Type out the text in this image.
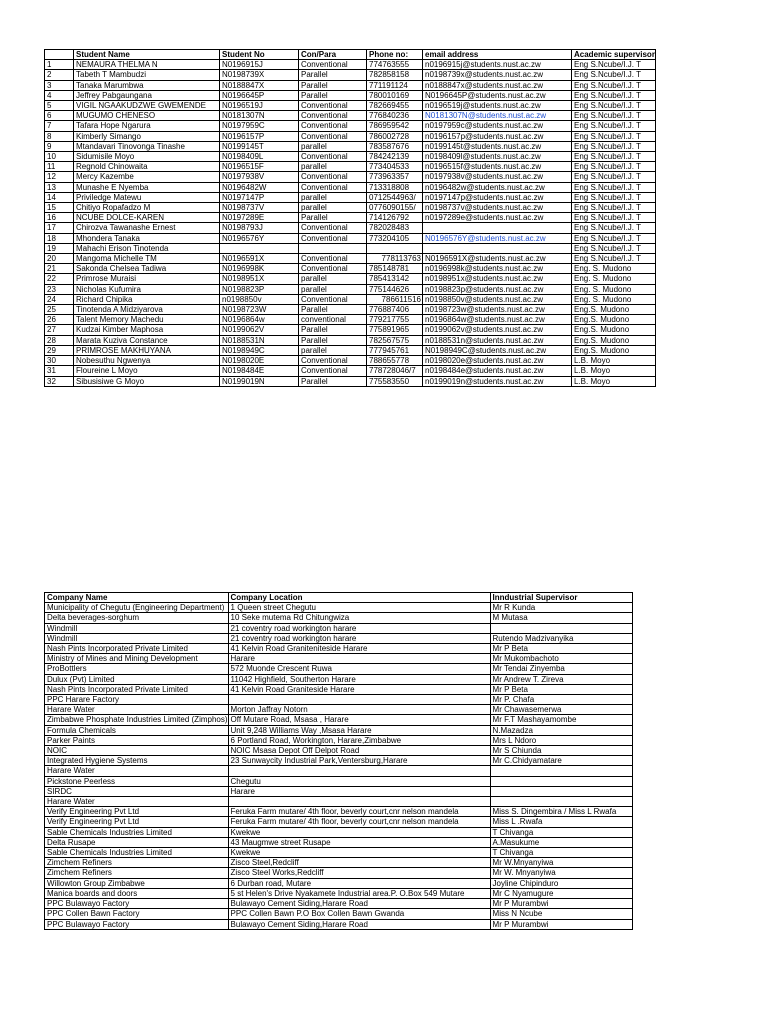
	Student Name	Student No	Con/Para	Phone no:	email address	Academic supervisor
1	NEMAURA THELMA N	N0196915J	Conventional	774763555	n0196915j@students.nust.ac.zw	Eng S.Ncube/I.J. T
2	Tabeth T Mambudzi	N0198739X	Parallel	782858158	n0198739x@students.nust.ac.zw	Eng S.Ncube/I.J. T
3	Tanaka Marumbwa	N0188847X	Parallel	771191124	n0188847x@students.nust.ac.zw	Eng S.Ncube/I.J. T
4	Jeffrey Pabgaungana	N0196645P	Parallel	780010169	N0196645P@students.nust.ac.zw	Eng S.Ncube/I.J. T
5	VIGIL NGAAKUDZWE GWEMENDE	N0196519J	Conventional	782669455	n0196519j@students.nust.ac.zw	Eng S.Ncube/I.J. T
6	MUGUMO CHENESO	N0181307N	Conventional	776840236	N0181307N@students.nust.ac.zw	Eng S.Ncube/I.J. T
7	Tafara Hope Ngarura	N0197959C	Conventional	786959542	n0197959c@students.nust.ac.zw	Eng S.Ncube/I.J. T
8	Kimberly Simango	N0196157P	Conventional	786002728	n0196157p@students.nust.ac.zw	Eng S.Ncube/I.J. T
9	Mtandavari Tinovonga Tinashe	N0199145T	parallel	783587676	n0199145t@students.nust.ac.zw	Eng S.Ncube/I.J. T
10	Sidumisile Moyo	N0198409L	Conventional	784242139	n0198409l@students.nust.ac.zw	Eng S.Ncube/I.J. T
11	Regnold Chinowaita	N0196515F	parallel	773404533	n0196515f@students.nust.ac.zw	Eng S.Ncube/I.J. T
12	Mercy Kazembe	N0197938V	Conventional	773963357	n0197938v@students.nust.ac.zw	Eng S.Ncube/I.J. T
13	Munashe E Nyemba	N0196482W	Conventional	713318808	n0196482w@students.nust.ac.zw	Eng S.Ncube/I.J. T
14	Priviledge Matewu	N0197147P	parallel	0712544963/	n0197147p@students.nust.ac.zw	Eng S.Ncube/I.J. T
15	Chitiyo Ropafadzo M	N0198737V	parallel	0776090155/	n0198737v@students.nust.ac.zw	Eng S.Ncube/I.J. T
16	NCUBE DOLCE-KAREN	N0197289E	Parallel	714126792	n0197289e@students.nust.ac.zw	Eng S.Ncube/I.J. T
17	Chirozva Tawanashe Ernest	N0198793J	Conventional	782028483		Eng S.Ncube/I.J. T
18	Mhondera Tanaka	N0196576Y	Conventional	773204105	N0196576Y@students.nust.ac.zw	Eng S.Ncube/I.J. T
19	Mahachi Erison Tinotenda					Eng S.Ncube/I.J. T
20	Mangoma Michelle TM	N0196591X	Conventional	778113763	N0196591X@students.nust.ac.zw	Eng S.Ncube/I.J. T
21	Sakonda Chelsea Tadiwa	N0196998K	Conventional	785148781	n0196998k@students.nust.ac.zw	Eng. S. Mudono
22	Primrose Muraisi	N0198951X	parallel	785413142	n0198951x@students.nust.ac.zw	Eng. S. Mudono
23	Nicholas Kufumira	N0198823P	parallel	775144626	n0198823p@students.nust.ac.zw	Eng. S. Mudono
24	Richard Chipika	n0198850v	Conventional	786611516	n0198850v@students.nust.ac.zw	Eng. S. Mudono
25	Tinotenda A Midziyarova	N0198723W	Parallel	776887406	n0198723w@students.nust.ac.zw	Eng.S. Mudono
26	Talent Memory Machedu	N0196864w	conventional	779217755	n0196864w@students.nust.ac.zw	Eng.S. Mudono
27	Kudzai Kimber Maphosa	N0199062V	Parallel	775891965	n0199062v@students.nust.ac.zw	Eng.S. Mudono
28	Marata Kuziva Constance	N0188531N	Parallel	782567575	n0188531n@students.nust.ac.zw	Eng.S. Mudono
29	PRIMROSE MAKHUYANA	N0198949C	parallel	777945761	N0198949C@students.nust.ac.zw	Eng.S. Mudono
30	Nobesuthu Ngwenya	N0198020E	Conventional	788655778	n0198020e@students.nust.ac.zw	L.B. Moyo
31	Floureine L Moyo	N0198484E	Conventional	778728046/7	n0198484e@students.nust.ac.zw	L.B. Moyo
32	Sibusisiwe G Moyo	N0199019N	Parallel	775583550	n0199019n@students.nust.ac.zw	L.B. Moyo
Company Name	Company Location	Inndustrial Supervisor
Municipality of Chegutu (Engineering Department)	1 Queen street Chegutu	Mr R Kunda
Delta beverages-sorghum	10 Seke mutema Rd Chitungwiza	M Mutasa
Windmill	21 coventry road workington harare	
Windmill	21 coventry road workington harare	Rutendo Madzivanyika
Nash Pints Incorporated Private Limited	41 Kelvin Road Graniteniteside Harare	Mr P Beta
Ministry of Mines and Mining Development	Harare	Mr Mukombachoto
ProBottlers	572 Muonde Crescent Ruwa	Mr Tendai Zinyemba
Dulux (Pvt) Limited	11042 Highfield, Southerton Harare	Mr Andrew T. Zireva
Nash Pints Incorporated Private Limited	41 Kelvin Road Graniteside Harare	Mr P Beta
PPC Harare Factory		Mr P. Chafa
Harare Water	Morton Jaffray Notorn	Mr Chawasemerwa
Zimbabwe Phosphate Industries Limited (Zimphos)	Off Mutare Road, Msasa , Harare	Mr F.T Mashayamombe
Formula Chemicals	Unit 9,248 Williams Way ,Msasa Harare	N.Mazadza
Parker Paints	6 Portland Road, Workington, Harare,Zimbabwe	Mrs L Ndoro
NOIC	NOIC Msasa Depot Off Delpot Road	Mr S Chiunda
Integrated Hygiene Systems	23 Sunwaycity Industrial Park,Ventersburg,Harare	Mr C.Chidyamatare
Harare Water		
Pickstone Peerless	Chegutu	
SIRDC	Harare	
Harare Water		
Verify Engineering Pvt Ltd	Feruka Farm mutare/ 4th floor, beverly court,cnr nelson mandela	Miss S. Dingembira / Miss L Rwafa
Verify Engineering Pvt Ltd	Feruka Farm mutare/ 4th floor, beverly court,cnr nelson mandela	Miss L .Rwafa
Sable Chemicals Industries Limited	Kwekwe	T Chivanga
Delta Rusape	43 Maugmwe street Rusape	A.Masukume
Sable Chemicals Industries Limited	Kwekwe	T Chivanga
Zimchem Refiners	Zisco Steel,Redcliff	Mr W.Mnyanyiwa
Zimchem Refiners	Zisco Steel Works,Redcliff	Mr W. Mnyanyiwa
Willowton Group Zimbabwe	6 Durban road, Mutare	Joyline Chipinduro
Manica boards and doors	5 st Helen's Drive Nyakamete Industrial area.P. O.Box 549 Mutare	Mr C Nyamugure
PPC Bulawayo Factory	Bulawayo Cement Siding,Harare Road	Mr P Murambwi
PPC Collen Bawn Factory	PPC Collen Bawn P.O Box Collen Bawn Gwanda	Miss N Ncube
PPC Bulawayo Factory	Bulawayo Cement Siding,Harare Road	Mr P Murambwi
